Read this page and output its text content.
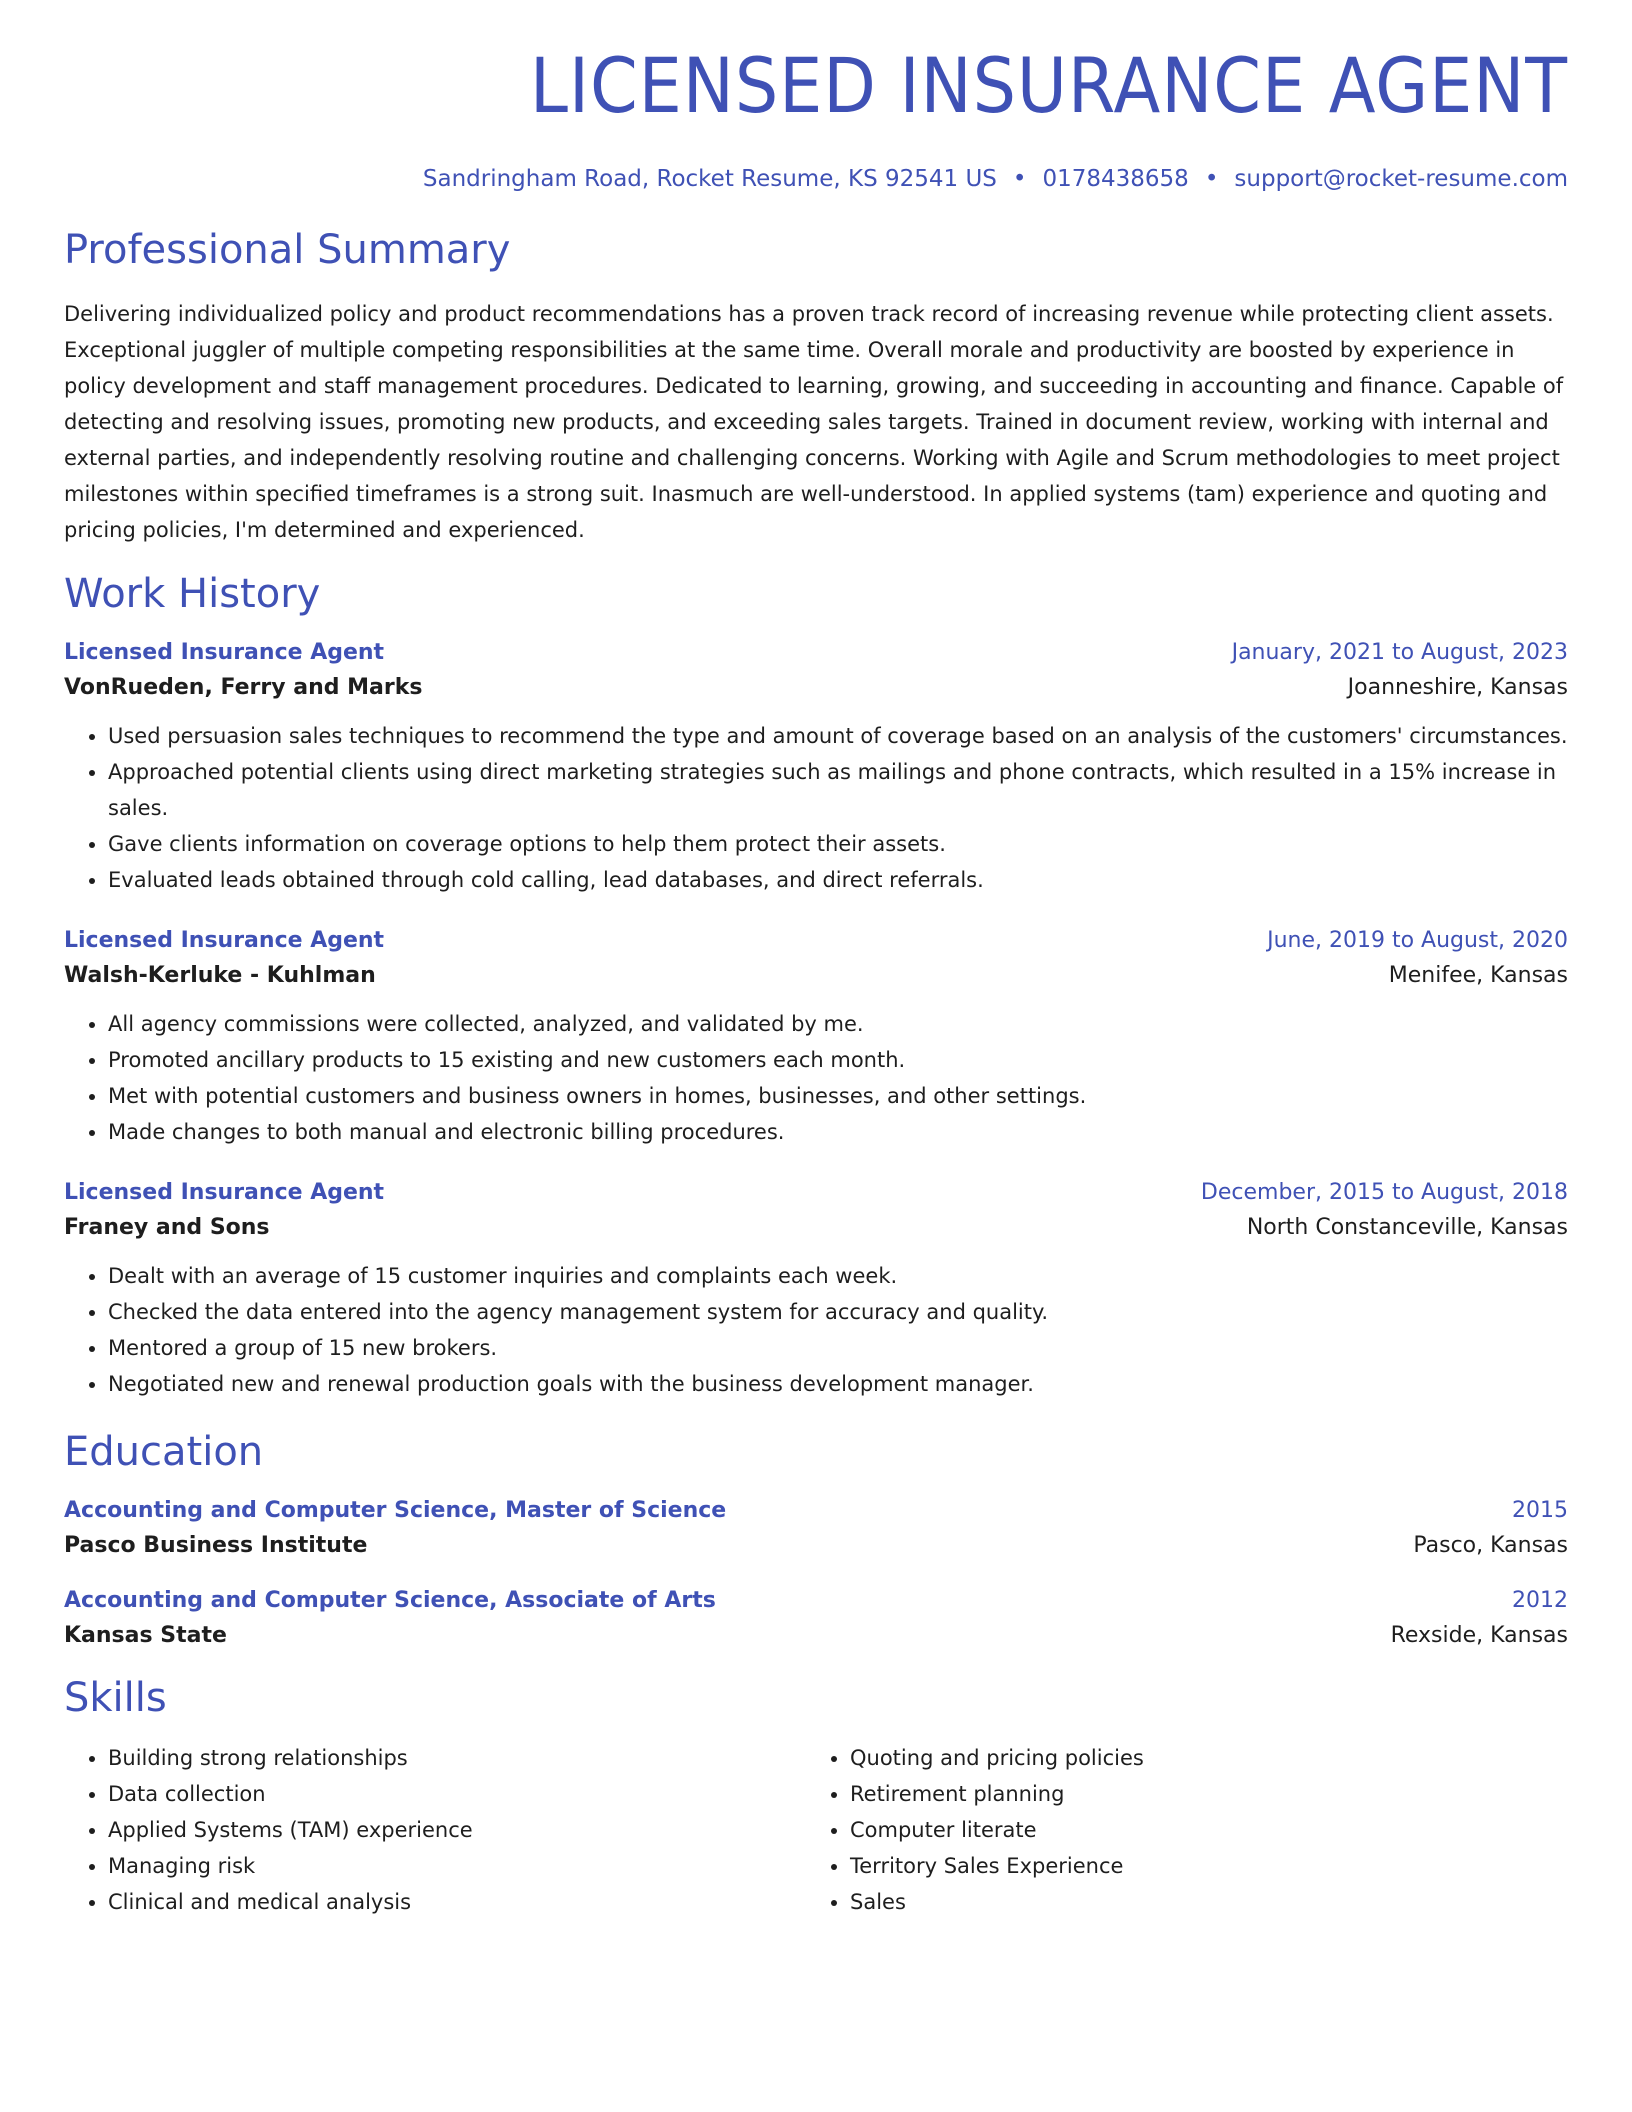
LICENSED INSURANCE AGENT
Sandringham Road, Rocket Resume, KS 92541 US • 0178438658 • support@rocket-resume.com
Professional Summary
Delivering individualized policy and product recommendations has a proven track record of increasing revenue while protecting client assets. Exceptional juggler of multiple competing responsibilities at the same time. Overall morale and productivity are boosted by experience in policy development and staff management procedures. Dedicated to learning, growing, and succeeding in accounting and finance. Capable of detecting and resolving issues, promoting new products, and exceeding sales targets. Trained in document review, working with internal and external parties, and independently resolving routine and challenging concerns. Working with Agile and Scrum methodologies to meet project milestones within specified timeframes is a strong suit. Inasmuch are well-understood. In applied systems (tam) experience and quoting and pricing policies, I'm determined and experienced.
Work History
Licensed Insurance Agent	January, 2021 to August, 2023
VonRueden, Ferry and Marks	Joanneshire, Kansas
• Used persuasion sales techniques to recommend the type and amount of coverage based on an analysis of the customers' circumstances.
• Approached potential clients using direct marketing strategies such as mailings and phone contracts, which resulted in a 15% increase in sales.
• Gave clients information on coverage options to help them protect their assets.
• Evaluated leads obtained through cold calling, lead databases, and direct referrals.
Licensed Insurance Agent	June, 2019 to August, 2020
Walsh-Kerluke - Kuhlman	Menifee, Kansas
• All agency commissions were collected, analyzed, and validated by me.
• Promoted ancillary products to 15 existing and new customers each month.
• Met with potential customers and business owners in homes, businesses, and other settings.
• Made changes to both manual and electronic billing procedures.
Licensed Insurance Agent	December, 2015 to August, 2018
Franey and Sons	North Constanceville, Kansas
• Dealt with an average of 15 customer inquiries and complaints each week.
• Checked the data entered into the agency management system for accuracy and quality.
• Mentored a group of 15 new brokers.
• Negotiated new and renewal production goals with the business development manager.
Education
Accounting and Computer Science, Master of Science	2015
Pasco Business Institute	Pasco, Kansas
Accounting and Computer Science, Associate of Arts	2012
Kansas State	Rexside, Kansas
Skills
• Building strong relationships
• Data collection
• Applied Systems (TAM) experience
• Managing risk
• Clinical and medical analysis
• Quoting and pricing policies
• Retirement planning
• Computer literate
• Territory Sales Experience
• Sales
